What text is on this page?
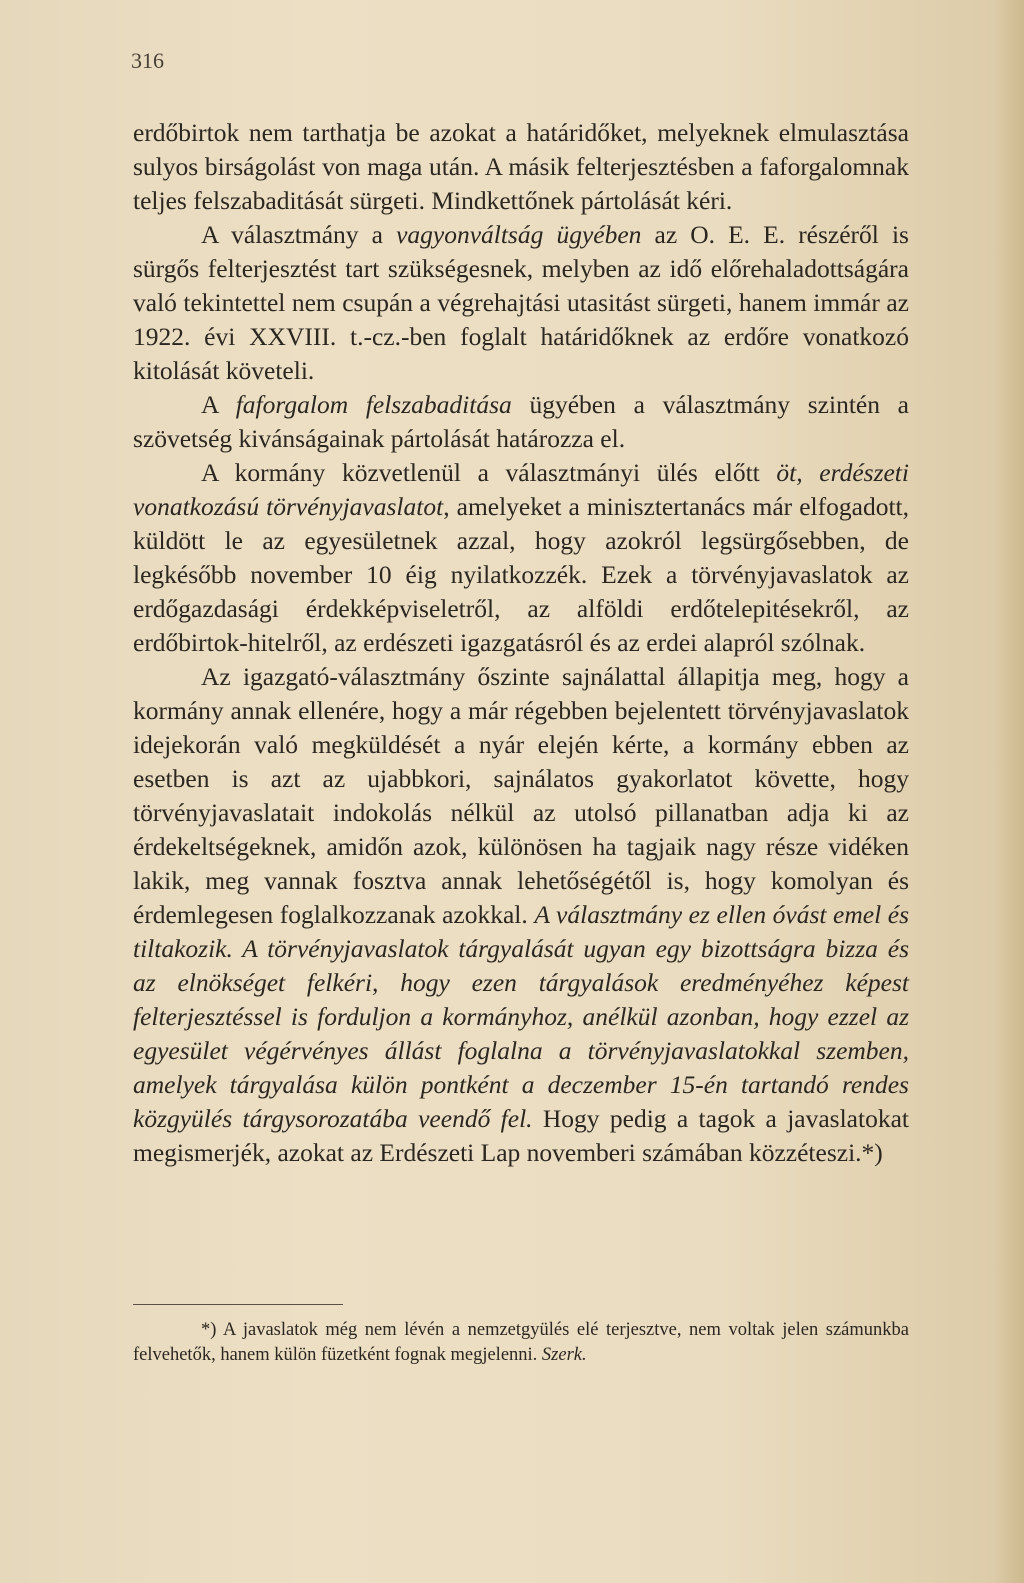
316

erdőbirtok nem tarthatja be azokat a határidőket, melyeknek elmulasztása sulyos birságolást von maga után. A másik felterjesztésben a faforgalomnak teljes felszabaditását sürgeti. Mindkettőnek pártolását kéri.

A választmány a vagyonváltság ügyében az O. E. E. részéről is sürgős felterjesztést tart szükségesnek, melyben az idő előrehaladottságára való tekintettel nem csupán a végrehajtási utasitást sürgeti, hanem immár az 1922. évi XXVIII. t.-cz.-ben foglalt határidőknek az erdőre vonatkozó kitolását követeli.

A faforgalom felszabaditása ügyében a választmány szintén a szövetség kivánságainak pártolását határozza el.

A kormány közvetlenül a választmányi ülés előtt öt, erdészeti vonatkozású törvényjavaslatot, amelyeket a minisztertanács már elfogadott, küldött le az egyesületnek azzal, hogy azokról legsürgősebben, de legkésőbb november 10 éig nyilatkozzék. Ezek a törvényjavaslatok az erdőgazdasági érdekképviseletről, az alföldi erdőtelepitésekről, az erdőbirtok-hitelről, az erdészeti igazgatásról és az erdei alapról szólnak.

Az igazgató-választmány őszinte sajnálattal állapitja meg, hogy a kormány annak ellenére, hogy a már régebben bejelentett törvényjavaslatok idejekorán való megküldését a nyár elején kérte, a kormány ebben az esetben is azt az ujabbkori, sajnálatos gyakorlatot követte, hogy törvényjavaslatait indokolás nélkül az utolsó pillanatban adja ki az érdekeltségeknek, amidőn azok, különösen ha tagjaik nagy része vidéken lakik, meg vannak fosztva annak lehetőségétől is, hogy komolyan és érdemlegesen foglalkozzanak azokkal. A választmány ez ellen óvást emel és tiltakozik. A törvényjavaslatok tárgyalását ugyan egy bizottságra bizza és az elnökséget felkéri, hogy ezen tárgyalások eredményéhez képest felterjesztéssel is forduljon a kormányhoz, anélkül azonban, hogy ezzel az egyesület végérvényes állást foglalna a törvényjavaslatokkal szemben, amelyek tárgyalása külön pontként a deczember 15-én tartandó rendes közgyülés tárgysorozatába veendő fel. Hogy pedig a tagok a javaslatokat megismerjék, azokat az Erdészeti Lap novemberi számában közzéteszi.*)

*) A javaslatok még nem lévén a nemzetgyülés elé terjesztve, nem voltak jelen számunkba felvehetők, hanem külön füzetként fognak megjelenni. Szerk.
